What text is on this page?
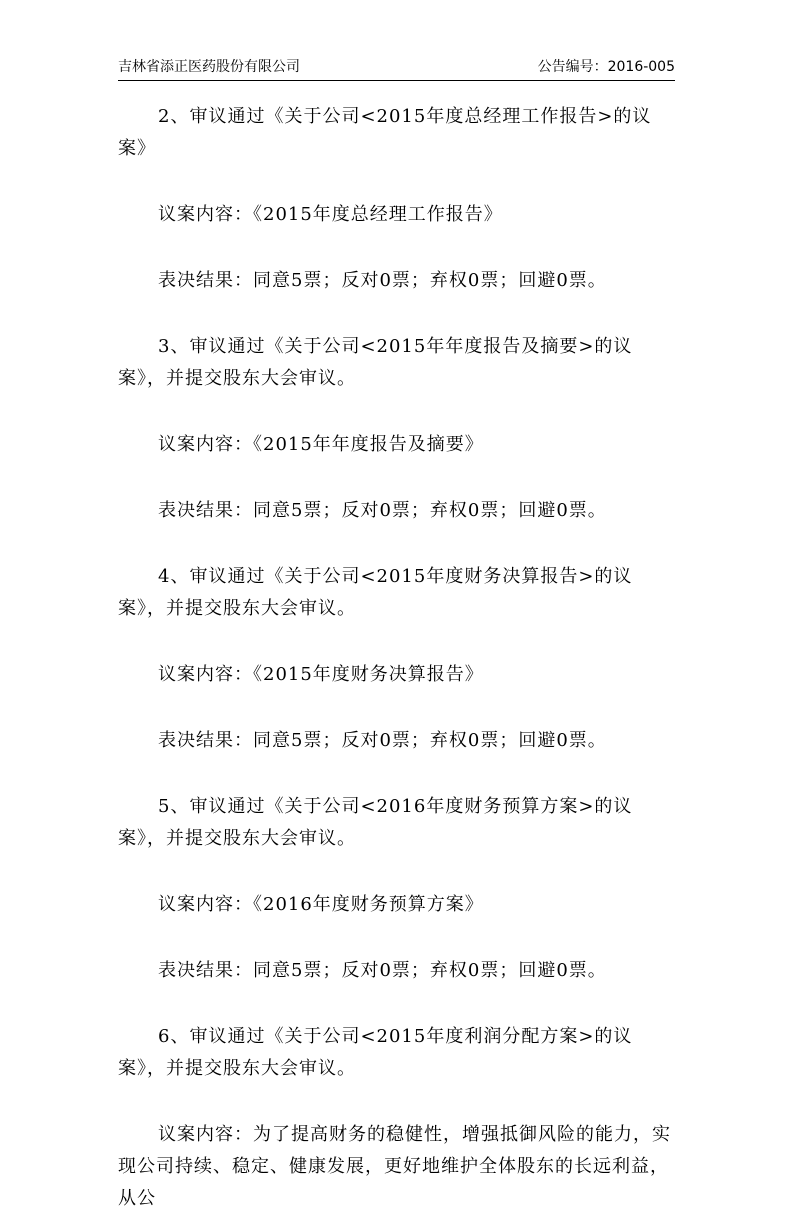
吉林省添正医药股份有限公司	公告编号：2016-005

2、审议通过《关于公司<2015年度总经理工作报告>的议案》

议案内容：《2015年度总经理工作报告》

表决结果：同意5票；反对0票；弃权0票；回避0票。

3、审议通过《关于公司<2015年年度报告及摘要>的议案》，并提交股东大会审议。

议案内容：《2015年年度报告及摘要》

表决结果：同意5票；反对0票；弃权0票；回避0票。

4、审议通过《关于公司<2015年度财务决算报告>的议案》，并提交股东大会审议。

议案内容：《2015年度财务决算报告》

表决结果：同意5票；反对0票；弃权0票；回避0票。

5、审议通过《关于公司<2016年度财务预算方案>的议案》，并提交股东大会审议。

议案内容：《2016年度财务预算方案》

表决结果：同意5票；反对0票；弃权0票；回避0票。

6、审议通过《关于公司<2015年度利润分配方案>的议案》，并提交股东大会审议。

议案内容：为了提高财务的稳健性，增强抵御风险的能力，实现公司持续、稳定、健康发展，更好地维护全体股东的长远利益，从公
